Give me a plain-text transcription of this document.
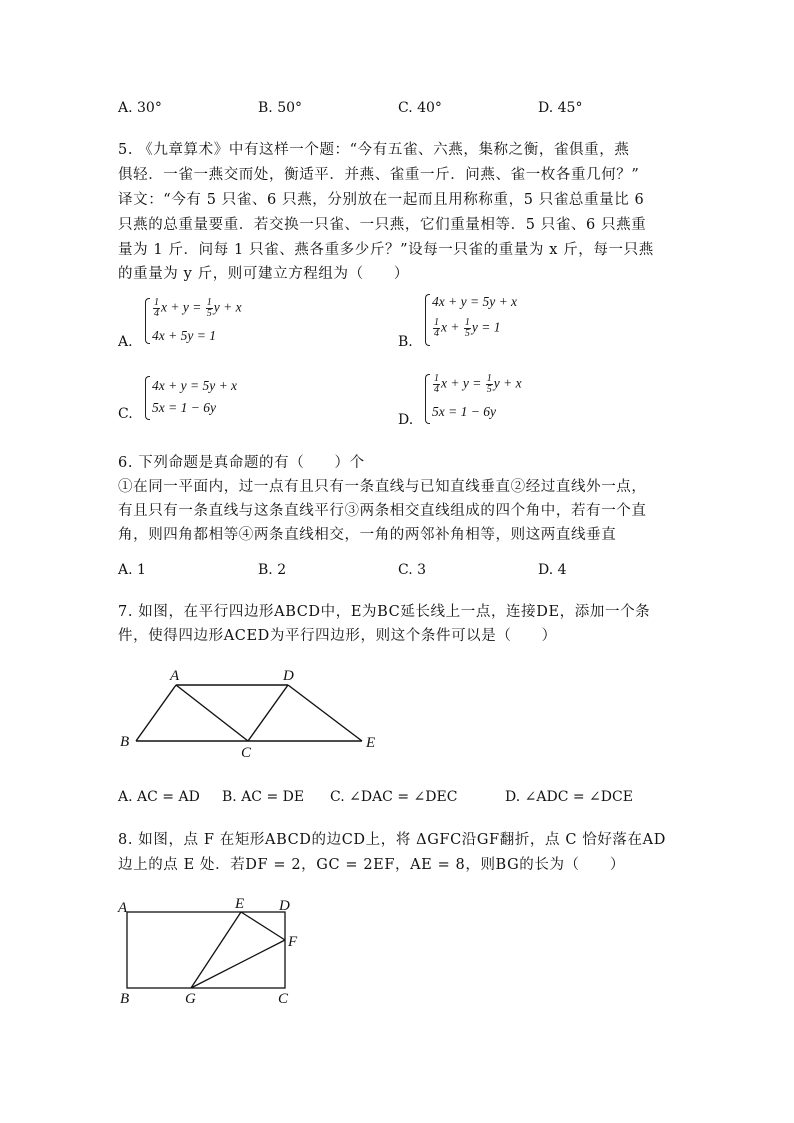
A. 30°	B. 50°	C. 40°	D. 45°
5. 《九章算术》中有这样一个题：“今有五雀、六燕，集称之衡，雀俱重，燕
俱轻．一雀一燕交而处，衡适平．并燕、雀重一斤．问燕、雀一枚各重几何？”
译文：“今有 5 只雀、6 只燕，分别放在一起而且用称称重，5 只雀总重量比 6
只燕的总重量要重．若交换一只雀、一只燕，它们重量相等．5 只雀、6 只燕重
量为 1 斤．问每 1 只雀、燕各重多少斤？”设每一只雀的重量为 x 斤，每一只燕
的重量为 y 斤，则可建立方程组为（　　）
A.
$\frac{1}{4}$ $x + y = \frac{1}{5}$ y + x
4x + 5y = 1	B.
4x + y = 5y + x
$\frac{1}{4}$ $x + \frac{1}{5}$ y = 1
C.
4x + y = 5y + x
5x = 1 − 6y
D.
$\frac{1}{4}$ $x + y = \frac{1}{5}$ y + x
5x = 1 − 6y
6. 下列命题是真命题的有（　　）个
①在同一平面内，过一点有且只有一条直线与已知直线垂直②经过直线外一点，
有且只有一条直线与这条直线平行③两条相交直线组成的四个角中，若有一个直
角，则四角都相等④两条直线相交，一角的两邻补角相等，则这两直线垂直
A. 1	B. 2	C. 3	D. 4
7. 如图，在平行四边形ABCD中，E为BC延长线上一点，连接DE，添加一个条
件，使得四边形ACED为平行四边形，则这个条件可以是（　　）
A	D
B
C
E
A. AC = AD B. AC = DE C. ∠DAC = ∠DEC	D. ∠ADC = ∠DCE
8. 如图，点 F 在矩形ABCD的边CD上，将 ΔGFC沿GF翻折，点 C 恰好落在AD
边上的点 E 处．若DF = 2，GC = 2EF，AE = 8，则BG的长为（　　）
A	E D
F
B	G	C
